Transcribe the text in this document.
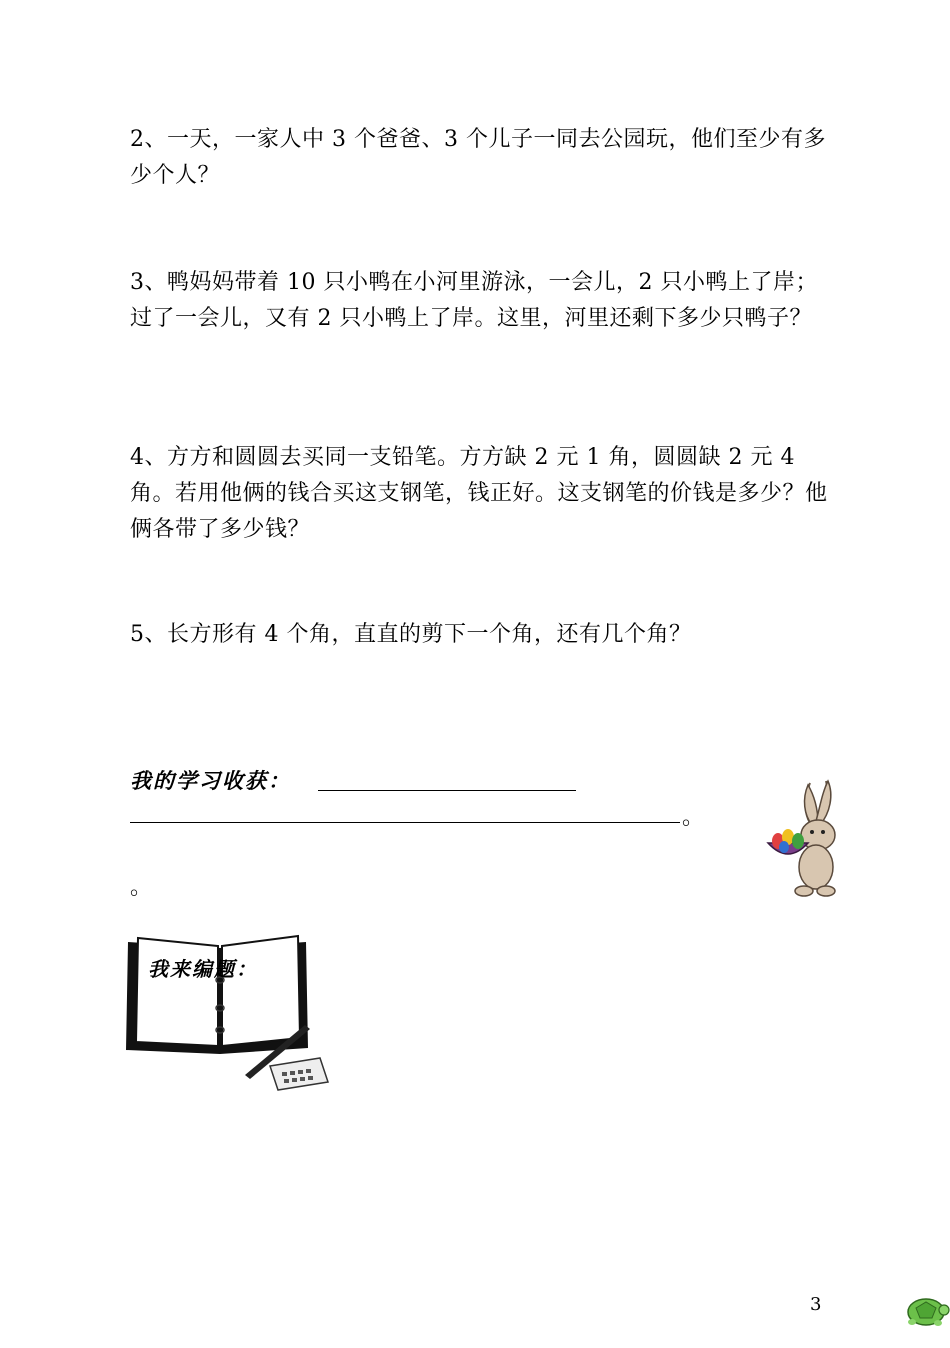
2、一天，一家人中 3 个爸爸、3 个儿子一同去公园玩，他们至少有多少个人？

3、鸭妈妈带着 10 只小鸭在小河里游泳，一会儿，2 只小鸭上了岸；过了一会儿，又有 2 只小鸭上了岸。这里，河里还剩下多少只鸭子？

4、方方和圆圆去买同一支铅笔。方方缺 2 元 1 角，圆圆缺 2 元 4 角。若用他俩的钱合买这支钢笔，钱正好。这支钢笔的价钱是多少？他俩各带了多少钱？

5、长方形有 4 个角，直直的剪下一个角，还有几个角？

我的学习收获：
。
。
我来编题：
3
